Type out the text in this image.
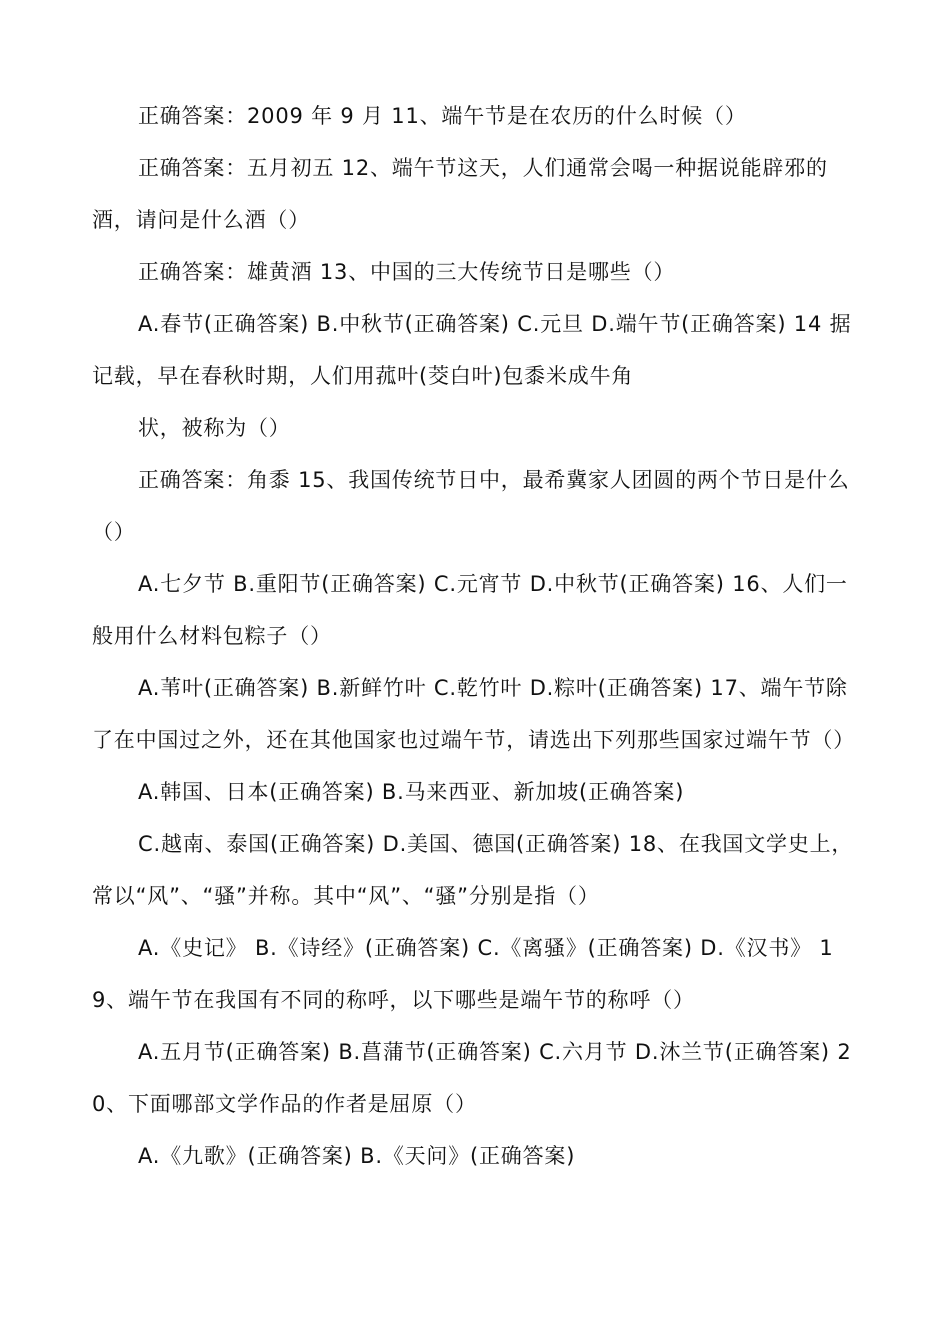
正确答案：2009 年 9 月 11、端午节是在农历的什么时候（）

正确答案：五月初五 12、端午节这天，人们通常会喝一种据说能辟邪的酒，请问是什么酒（）

正确答案：雄黄酒 13、中国的三大传统节日是哪些（）

A.春节(正确答案) B.中秋节(正确答案) C.元旦 D.端午节(正确答案) 14 据记载，早在春秋时期，人们用菰叶(茭白叶)包黍米成牛角

状，被称为（）

正确答案：角黍 15、我国传统节日中，最希冀家人团圆的两个节日是什么（）

A.七夕节 B.重阳节(正确答案) C.元宵节 D.中秋节(正确答案) 16、人们一般用什么材料包粽子（）

A.苇叶(正确答案) B.新鲜竹叶 C.乾竹叶 D.粽叶(正确答案) 17、端午节除了在中国过之外，还在其他国家也过端午节，请选出下列那些国家过端午节（）

A.韩国、日本(正确答案) B.马来西亚、新加坡(正确答案)

C.越南、泰国(正确答案) D.美国、德国(正确答案) 18、在我国文学史上，常以“风”、“骚”并称。其中“风”、“骚”分别是指（）

A.《史记》 B.《诗经》(正确答案) C.《离骚》(正确答案) D.《汉书》 19、端午节在我国有不同的称呼，以下哪些是端午节的称呼（）

A.五月节(正确答案) B.菖蒲节(正确答案) C.六月节 D.沐兰节(正确答案) 20、下面哪部文学作品的作者是屈原（）

A.《九歌》(正确答案) B.《天问》(正确答案)
